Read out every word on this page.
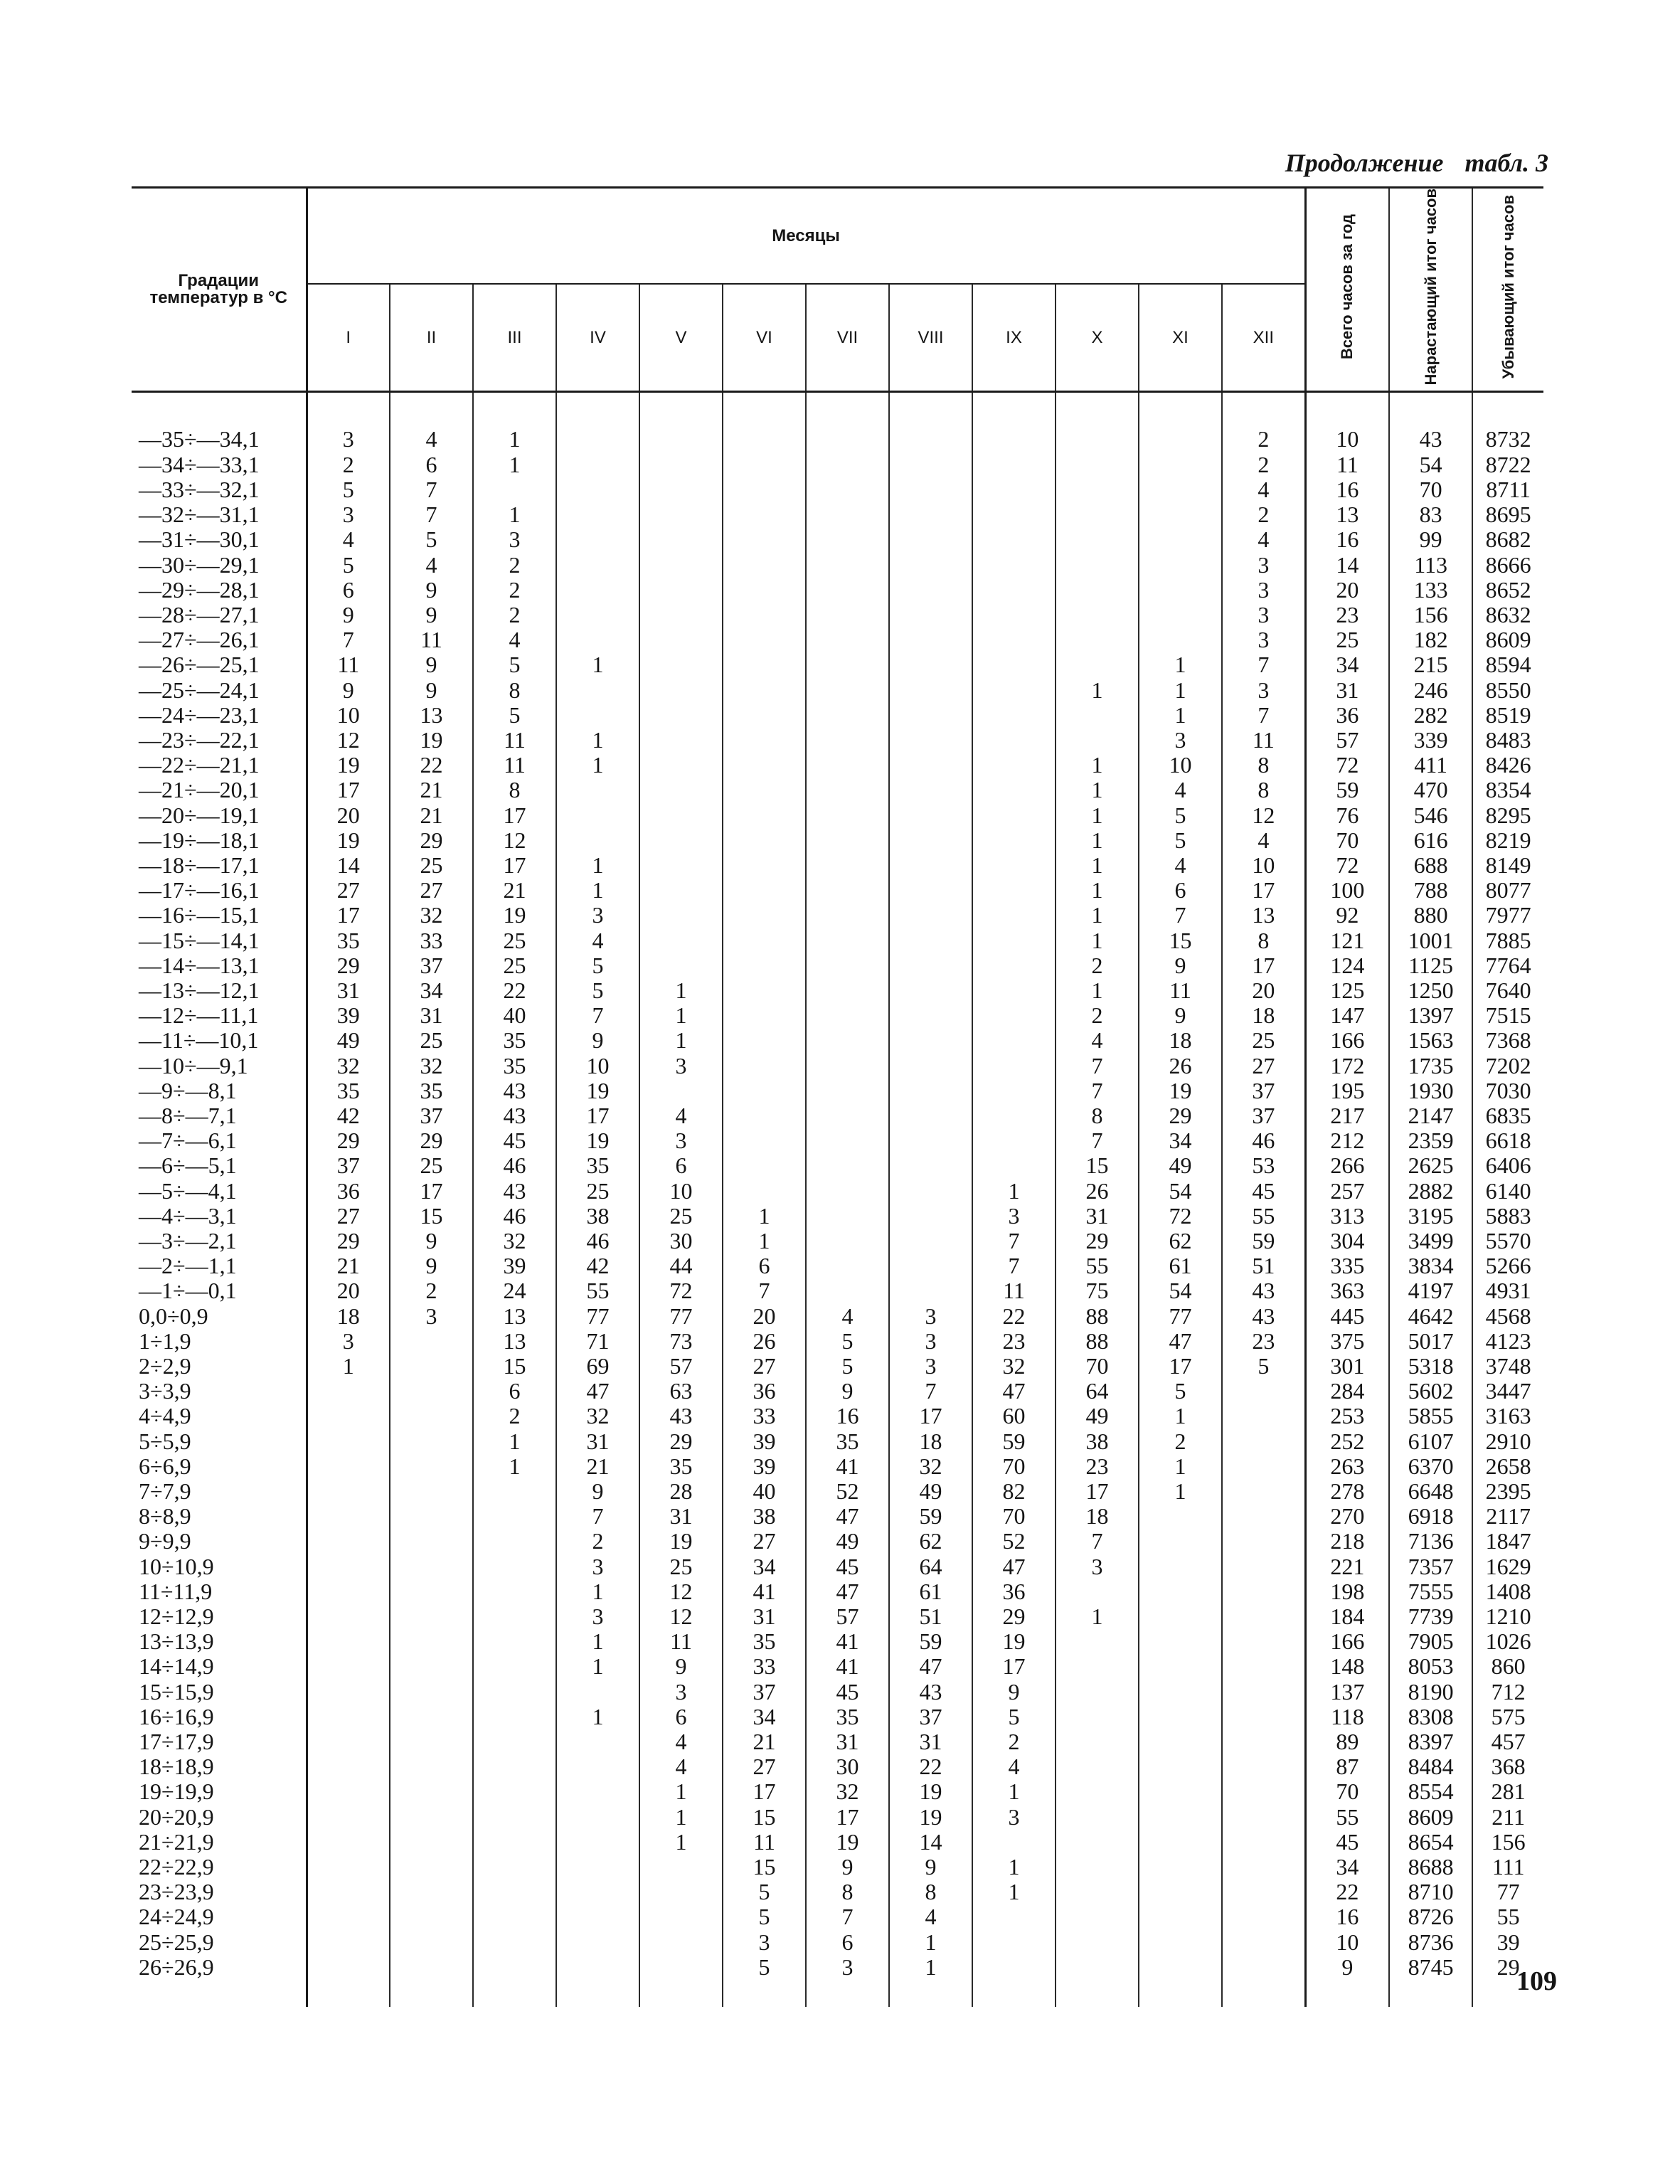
Продолжение табл. 3
Градации температур в °С	Месяцы												Всего часов за год	Нарастающий итог часов	Убывающий итог часов
	I	II	III	IV	V	VI	VII	VIII	IX	X	XI	XII			

—35÷—34,1	3	4	1									2	10	43	8732
—34÷—33,1	2	6	1									2	11	54	8722
—33÷—32,1	5	7										4	16	70	8711
—32÷—31,1	3	7	1									2	13	83	8695
—31÷—30,1	4	5	3									4	16	99	8682
—30÷—29,1	5	4	2									3	14	113	8666
—29÷—28,1	6	9	2									3	20	133	8652
—28÷—27,1	9	9	2									3	23	156	8632
—27÷—26,1	7	11	4									3	25	182	8609
—26÷—25,1	11	9	5	1							1	7	34	215	8594
—25÷—24,1	9	9	8							1	1	3	31	246	8550
—24÷—23,1	10	13	5								1	7	36	282	8519
—23÷—22,1	12	19	11	1							3	11	57	339	8483
—22÷—21,1	19	22	11	1						1	10	8	72	411	8426
—21÷—20,1	17	21	8							1	4	8	59	470	8354
—20÷—19,1	20	21	17							1	5	12	76	546	8295
—19÷—18,1	19	29	12							1	5	4	70	616	8219
—18÷—17,1	14	25	17	1						1	4	10	72	688	8149
—17÷—16,1	27	27	21	1						1	6	17	100	788	8077
—16÷—15,1	17	32	19	3						1	7	13	92	880	7977
—15÷—14,1	35	33	25	4						1	15	8	121	1001	7885
—14÷—13,1	29	37	25	5						2	9	17	124	1125	7764
—13÷—12,1	31	34	22	5	1					1	11	20	125	1250	7640
—12÷—11,1	39	31	40	7	1					2	9	18	147	1397	7515
—11÷—10,1	49	25	35	9	1					4	18	25	166	1563	7368
—10÷—9,1	32	32	35	10	3					7	26	27	172	1735	7202
—9÷—8,1	35	35	43	19						7	19	37	195	1930	7030
—8÷—7,1	42	37	43	17	4					8	29	37	217	2147	6835
—7÷—6,1	29	29	45	19	3					7	34	46	212	2359	6618
—6÷—5,1	37	25	46	35	6					15	49	53	266	2625	6406
—5÷—4,1	36	17	43	25	10				1	26	54	45	257	2882	6140
—4÷—3,1	27	15	46	38	25	1			3	31	72	55	313	3195	5883
—3÷—2,1	29	9	32	46	30	1			7	29	62	59	304	3499	5570
—2÷—1,1	21	9	39	42	44	6			7	55	61	51	335	3834	5266
—1÷—0,1	20	2	24	55	72	7			11	75	54	43	363	4197	4931
0,0÷0,9	18	3	13	77	77	20	4	3	22	88	77	43	445	4642	4568
1÷1,9	3		13	71	73	26	5	3	23	88	47	23	375	5017	4123
2÷2,9	1		15	69	57	27	5	3	32	70	17	5	301	5318	3748
3÷3,9			6	47	63	36	9	7	47	64	5		284	5602	3447
4÷4,9			2	32	43	33	16	17	60	49	1		253	5855	3163
5÷5,9			1	31	29	39	35	18	59	38	2		252	6107	2910
6÷6,9			1	21	35	39	41	32	70	23	1		263	6370	2658
7÷7,9				9	28	40	52	49	82	17	1		278	6648	2395
8÷8,9				7	31	38	47	59	70	18			270	6918	2117
9÷9,9				2	19	27	49	62	52	7			218	7136	1847
10÷10,9				3	25	34	45	64	47	3			221	7357	1629
11÷11,9				1	12	41	47	61	36				198	7555	1408
12÷12,9				3	12	31	57	51	29	1			184	7739	1210
13÷13,9				1	11	35	41	59	19				166	7905	1026
14÷14,9				1	9	33	41	47	17				148	8053	860
15÷15,9					3	37	45	43	9				137	8190	712
16÷16,9				1	6	34	35	37	5				118	8308	575
17÷17,9					4	21	31	31	2				89	8397	457
18÷18,9					4	27	30	22	4				87	8484	368
19÷19,9					1	17	32	19	1				70	8554	281
20÷20,9					1	15	17	19	3				55	8609	211
21÷21,9					1	11	19	14					45	8654	156
22÷22,9						15	9	9	1				34	8688	111
23÷23,9						5	8	8	1				22	8710	77
24÷24,9						5	7	4					16	8726	55
25÷25,9						3	6	1					10	8736	39
26÷26,9						5	3	1					9	8745	29

109
